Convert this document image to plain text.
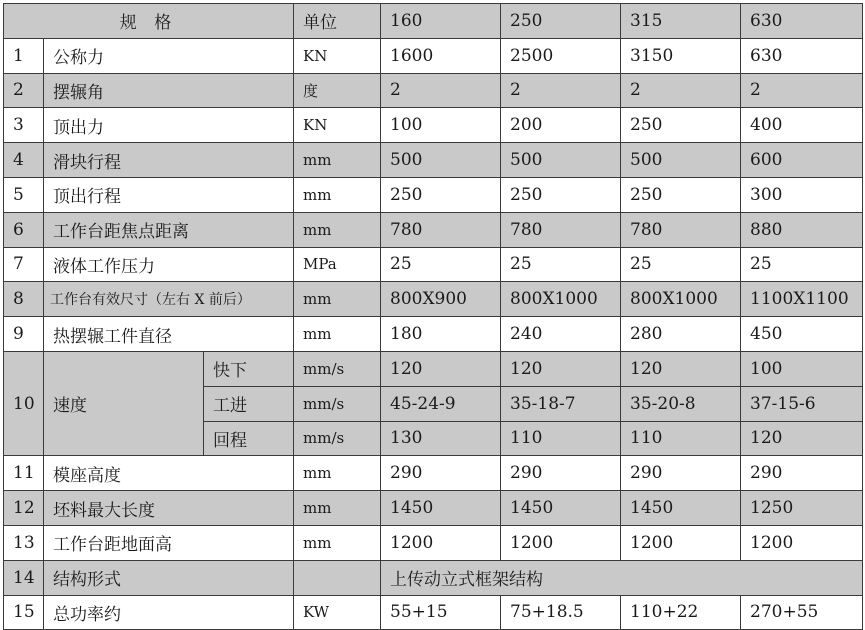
规 格			单位	160	250	315	630
1	公称力		KN	1600	2500	3150	630
2	摆辗角		度	2	2	2	2
3	顶出力		KN	100	200	250	400
4	滑块行程		mm	500	500	500	600
5	顶出行程		mm	250	250	250	300
6	工作台距焦点距离		mm	780	780	780	880
7	液体工作压力		MPa	25	25	25	25
8	工作台有效尺寸（左右 X 前后）		mm	800X900	800X1000	800X1000	1100X1100
9	热摆辗工件直径		mm	180	240	280	450
10	速度	快下	mm/s	120	120	120	100
		工进	mm/s	45-24-9	35-18-7	35-20-8	37-15-6
		回程	mm/s	130	110	110	120
11	模座高度		mm	290	290	290	290
12	坯料最大长度		mm	1450	1450	1450	1250
13	工作台距地面高		mm	1200	1200	1200	1200
14	结构形式			上传动立式框架结构			
15	总功率约		KW	55+15	75+18.5	110+22	270+55
